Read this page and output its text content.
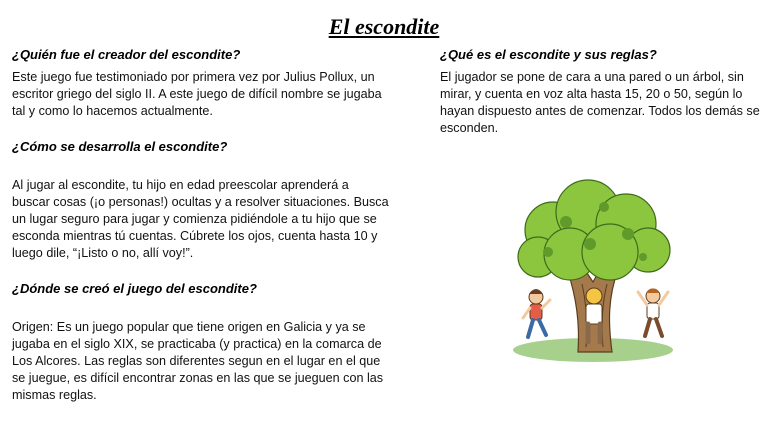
El escondite
¿Quién fue el creador del escondite?

Este juego fue testimoniado por primera vez por Julius Pollux, un escritor griego del siglo II. A este juego de difícil nombre se jugaba tal y como lo hacemos actualmente.

¿Cómo se desarrolla el escondite?

Al jugar al escondite, tu hijo en edad preescolar aprenderá a buscar cosas (¡o personas!) ocultas y a resolver situaciones. Busca un lugar seguro para jugar y comienza pidiéndole a tu hijo que se esconda mientras tú cuentas. Cúbrete los ojos, cuenta hasta 10 y luego dile, “¡Listo o no, allí voy!”.

¿Dónde se creó el juego del escondite?

Origen: Es un juego popular que tiene origen en Galicia y ya se jugaba en el siglo XIX, se practicaba (y practica) en la comarca de Los Alcores. Las reglas son diferentes segun en el lugar en el que se juegue, es difícil encontrar zonas en las que se jueguen con las mismas reglas.

¿Qué es el escondite y sus reglas?

El jugador se pone de cara a una pared o un árbol, sin mirar, y cuenta en voz alta hasta 15, 20 o 50, según lo hayan dispuesto antes de comenzar. Todos los demás se esconden.
